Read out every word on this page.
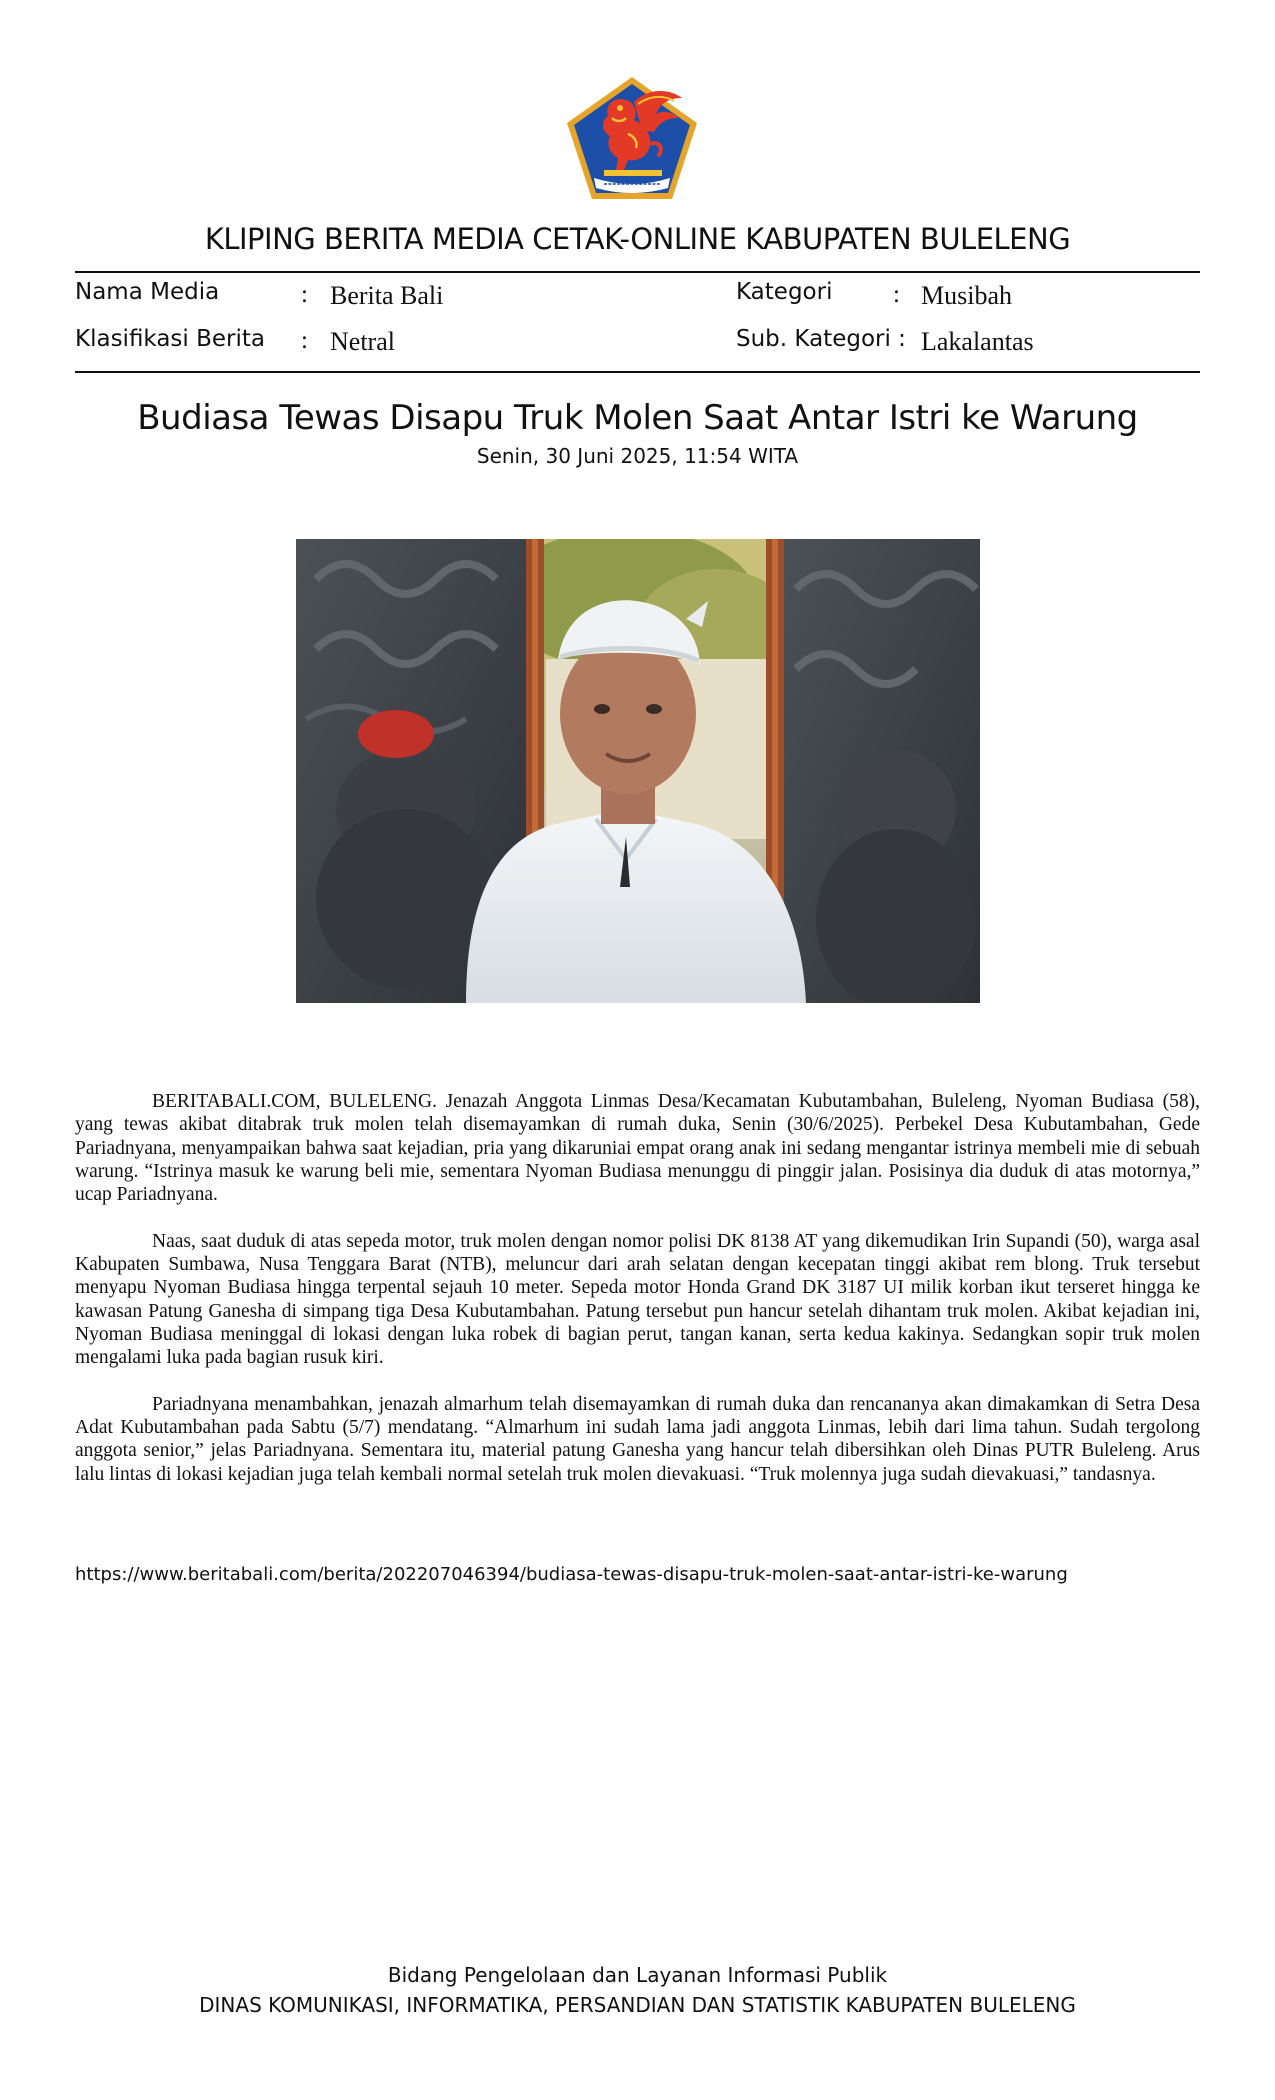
KLIPING BERITA MEDIA CETAK-ONLINE KABUPATEN BULELENG
Nama Media	: Berita Bali	Kategori : Musibah
Klasifikasi Berita : Netral	Sub. Kategori : Lakalantas
Budiasa Tewas Disapu Truk Molen Saat Antar Istri ke Warung
Senin, 30 Juni 2025, 11:54 WITA

BERITABALI.COM, BULELENG. Jenazah Anggota Linmas Desa/Kecamatan Kubutambahan, Buleleng, Nyoman Budiasa (58), yang tewas akibat ditabrak truk molen telah disemayamkan di rumah duka, Senin (30/6/2025). Perbekel Desa Kubutambahan, Gede Pariadnyana, menyampaikan bahwa saat kejadian, pria yang dikaruniai empat orang anak ini sedang mengantar istrinya membeli mie di sebuah warung. “Istrinya masuk ke warung beli mie, sementara Nyoman Budiasa menunggu di pinggir jalan. Posisinya dia duduk di atas motornya,” ucap Pariadnyana.

Naas, saat duduk di atas sepeda motor, truk molen dengan nomor polisi DK 8138 AT yang dikemudikan Irin Supandi (50), warga asal Kabupaten Sumbawa, Nusa Tenggara Barat (NTB), meluncur dari arah selatan dengan kecepatan tinggi akibat rem blong. Truk tersebut menyapu Nyoman Budiasa hingga terpental sejauh 10 meter. Sepeda motor Honda Grand DK 3187 UI milik korban ikut terseret hingga ke kawasan Patung Ganesha di simpang tiga Desa Kubutambahan. Patung tersebut pun hancur setelah dihantam truk molen. Akibat kejadian ini, Nyoman Budiasa meninggal di lokasi dengan luka robek di bagian perut, tangan kanan, serta kedua kakinya. Sedangkan sopir truk molen mengalami luka pada bagian rusuk kiri.

Pariadnyana menambahkan, jenazah almarhum telah disemayamkan di rumah duka dan rencananya akan dimakamkan di Setra Desa Adat Kubutambahan pada Sabtu (5/7) mendatang. “Almarhum ini sudah lama jadi anggota Linmas, lebih dari lima tahun. Sudah tergolong anggota senior,” jelas Pariadnyana. Sementara itu, material patung Ganesha yang hancur telah dibersihkan oleh Dinas PUTR Buleleng. Arus lalu lintas di lokasi kejadian juga telah kembali normal setelah truk molen dievakuasi. “Truk molennya juga sudah dievakuasi,” tandasnya.

https://www.beritabali.com/berita/202207046394/budiasa-tewas-disapu-truk-molen-saat-antar-istri-ke-warung
Bidang Pengelolaan dan Layanan Informasi Publik
DINAS KOMUNIKASI, INFORMATIKA, PERSANDIAN DAN STATISTIK KABUPATEN BULELENG
